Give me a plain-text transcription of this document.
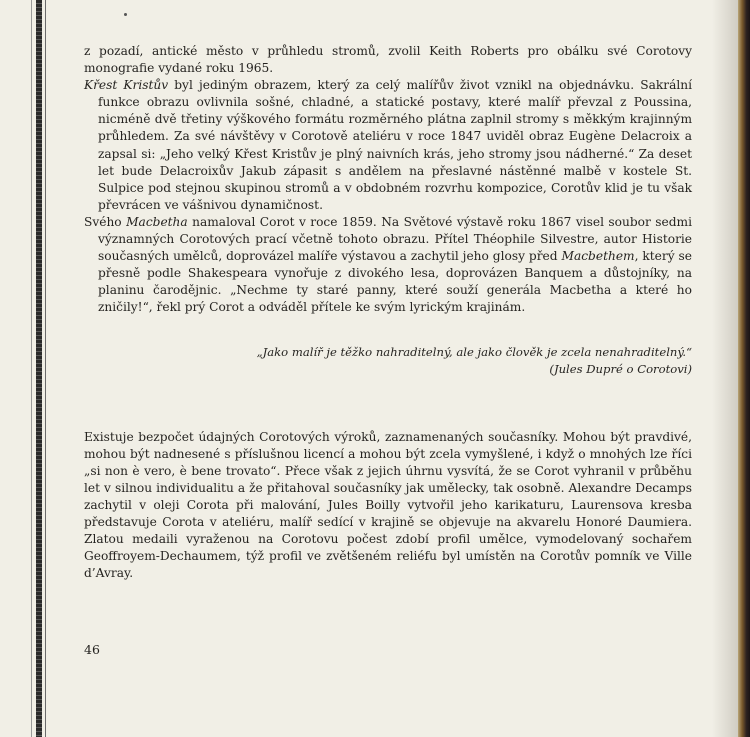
z pozadí, antické město v průhledu stromů, zvolil Keith Roberts pro obálku své Corotovy monografie vydané roku 1965.

Křest Kristův byl jediným obrazem, který za celý malířův život vznikl na objednávku. Sakrální funkce obrazu ovlivnila sošné, chladné, a statické postavy, které malíř převzal z Poussina, nicméně dvě třetiny výškového formátu rozměrného plátna zaplnil stromy s měkkým krajinným průhledem. Za své návštěvy v Corotově ateliéru v roce 1847 uviděl obraz Eugène Delacroix a zapsal si: „Jeho velký Křest Kristův je plný naivních krás, jeho stromy jsou nádherné.“ Za deset let bude Delacroixův Jakub zápasit s andělem na přeslavné nástěnné malbě v kostele St. Sulpice pod stejnou skupinou stromů a v obdobném rozvrhu kompozice, Corotův klid je tu však převrácen ve vášnivou dynamičnost.

Svého Macbetha namaloval Corot v roce 1859. Na Světové výstavě roku 1867 visel soubor sedmi významných Corotových prací včetně tohoto obrazu. Přítel Théophile Silvestre, autor Historie současných umělců, doprovázel malíře výstavou a zachytil jeho glosy před Macbethem, který se přesně podle Shakespeara vynořuje z divokého lesa, doprovázen Banquem a důstojníky, na planinu čarodějnic. „Nechme ty staré panny, které souží generála Macbetha a které ho zničily!“, řekl prý Corot a odváděl přítele ke svým lyrickým krajinám.

„Jako malíř je těžko nahraditelný, ale jako člověk je zcela nenahraditelný.“
(Jules Dupré o Corotovi)

Existuje bezpočet údajných Corotových výroků, zaznamenaných současníky. Mohou být pravdivé, mohou být nadnesené s příslušnou licencí a mohou být zcela vymyšlené, i když o mnohých lze říci „si non è vero, è bene trovato“. Přece však z jejich úhrnu vysvítá, že se Corot vyhranil v průběhu let v silnou individualitu a že přitahoval současníky jak umělecky, tak osobně. Alexandre Decamps zachytil v oleji Corota při malování, Jules Boilly vytvořil jeho karikaturu, Laurensova kresba představuje Corota v ateliéru, malíř sedící v krajině se objevuje na akvarelu Honoré Daumiera. Zlatou medaili vyraženou na Corotovu počest zdobí profil umělce, vymodelovaný sochařem Geoffroyem-Dechaumem, týž profil ve zvětšeném reliéfu byl umístěn na Corotův pomník ve Ville d’Avray.

46
